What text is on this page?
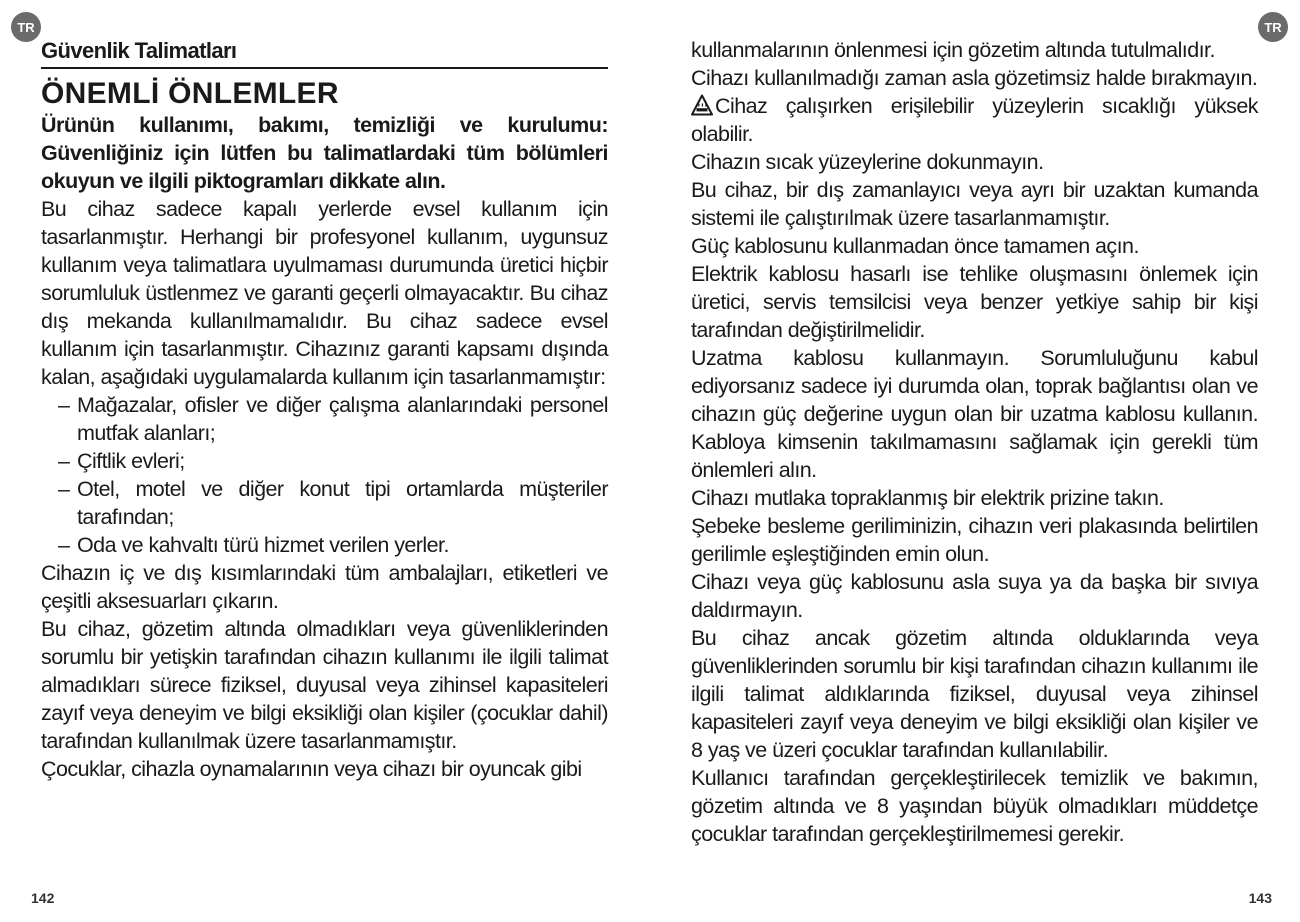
TR	TR
Güvenlik Talimatları
ÖNEMLİ ÖNLEMLER

Ürünün kullanımı, bakımı, temizliği ve kurulumu: Güvenliğiniz için lütfen bu talimatlardaki tüm bölümleri okuyun ve ilgili piktogramları dikkate alın.

Bu cihaz sadece kapalı yerlerde evsel kullanım için tasarlanmıştır. Herhangi bir profesyonel kullanım, uygunsuz kullanım veya talimatlara uyulmaması durumunda üretici hiçbir sorumluluk üstlenmez ve garanti geçerli olmayacaktır. Bu cihaz dış mekanda kullanılmamalıdır. Bu cihaz sadece evsel kullanım için tasarlanmıştır. Cihazınız garanti kapsamı dışında kalan, aşağıdaki uygulamalarda kullanım için tasarlanmamıştır:

– Mağazalar, ofisler ve diğer çalışma alanlarındaki personel mutfak alanları;
– Çiftlik evleri;
– Otel, motel ve diğer konut tipi ortamlarda müşteriler tarafından;
– Oda ve kahvaltı türü hizmet verilen yerler.

Cihazın iç ve dış kısımlarındaki tüm ambalajları, etiketleri ve çeşitli aksesuarları çıkarın.

Bu cihaz, gözetim altında olmadıkları veya güvenliklerinden sorumlu bir yetişkin tarafından cihazın kullanımı ile ilgili talimat almadıkları sürece fiziksel, duyusal veya zihinsel kapasiteleri zayıf veya deneyim ve bilgi eksikliği olan kişiler (çocuklar dahil) tarafından kullanılmak üzere tasarlanmamıştır.

Çocuklar, cihazla oynamalarının veya cihazı bir oyuncak gibi

kullanmalarının önlenmesi için gözetim altında tutulmalıdır.

Cihazı kullanılmadığı zaman asla gözetimsiz halde bırakmayın.

Cihaz çalışırken erişilebilir yüzeylerin sıcaklığı yüksek olabilir.

Cihazın sıcak yüzeylerine dokunmayın.

Bu cihaz, bir dış zamanlayıcı veya ayrı bir uzaktan kumanda sistemi ile çalıştırılmak üzere tasarlanmamıştır.

Güç kablosunu kullanmadan önce tamamen açın.

Elektrik kablosu hasarlı ise tehlike oluşmasını önlemek için üretici, servis temsilcisi veya benzer yetkiye sahip bir kişi tarafından değiştirilmelidir.

Uzatma kablosu kullanmayın. Sorumluluğunu kabul ediyorsanız sadece iyi durumda olan, toprak bağlantısı olan ve cihazın güç değerine uygun olan bir uzatma kablosu kullanın. Kabloya kimsenin takılmamasını sağlamak için gerekli tüm önlemleri alın.

Cihazı mutlaka topraklanmış bir elektrik prizine takın.

Şebeke besleme geriliminizin, cihazın veri plakasında belirtilen gerilimle eşleştiğinden emin olun.

Cihazı veya güç kablosunu asla suya ya da başka bir sıvıya daldırmayın.

Bu cihaz ancak gözetim altında olduklarında veya güvenliklerinden sorumlu bir kişi tarafından cihazın kullanımı ile ilgili talimat aldıklarında fiziksel, duyusal veya zihinsel kapasiteleri zayıf veya deneyim ve bilgi eksikliği olan kişiler ve 8 yaş ve üzeri çocuklar tarafından kullanılabilir.

Kullanıcı tarafından gerçekleştirilecek temizlik ve bakımın, gözetim altında ve 8 yaşından büyük olmadıkları müddetçe çocuklar tarafından gerçekleştirilmemesi gerekir.

142	143
